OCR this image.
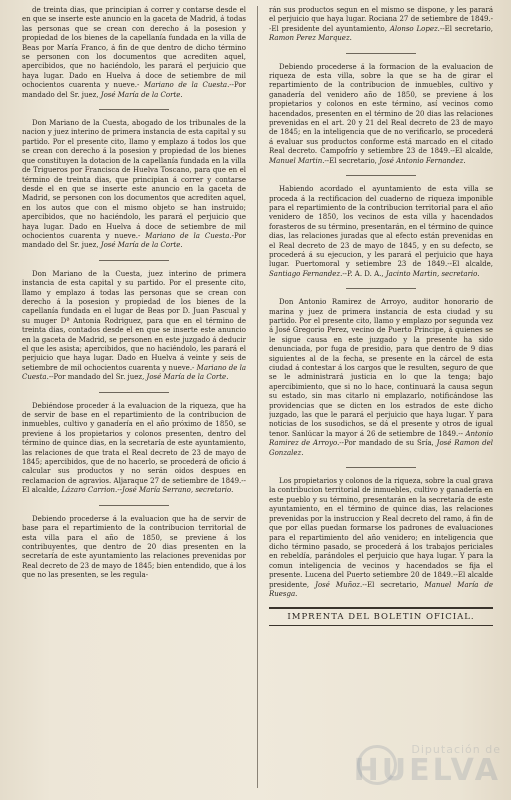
de treinta dias, que principian á correr y contarse desde el en que se inserte este anuncio en la gaceta de Madrid, á todas las personas que se crean con derecho á la posesion y propiedad de los bienes de la capellanía fundada en la villa de Beas por María Franco, á fin de que dentro de dicho término se personen con los documentos que acrediten aquel, apercibidos, que no haciéndolo, les parará el perjuicio que haya lugar. Dado en Huelva á doce de setiembre de mil ochocientos cuarenta y nueve.- Mariano de la Cuesta.--Por mandado del Sr. juez, José María de la Corte.

Don Mariano de la Cuesta, abogado de los tribunales de la nacion y juez interino de primera instancia de esta capital y su partido. Por el presente cito, llamo y emplazo á todos los que se crean con derecho á la posesion y propiedad de los bienes que constituyen la dotacion de la capellanía fundada en la villa de Trigueros por Francisca de Huelva Toscano, para que en el término de treinta dias, que principian á correr y contarse desde el en que se inserte este anuncio en la gaceta de Madrid, se personen con los documentos que acrediten aquel, en los autos que con el mismo objeto se han instruido; apercibidos, que no haciéndolo, les parará el perjuicio que haya lugar. Dado en Huelva á doce de setiembre de mil ochocientos cuarenta y nueve.- Mariano de la Cuesta.-Por mandado del Sr. juez, José María de la Corte.

Don Mariano de la Cuesta, juez interino de primera instancia de esta capital y su partido. Por el presente cito, llamo y emplazo á todas las personas que se crean con derecho á la posesion y propiedad de los bienes de la capellanía fundada en el lugar de Beas por D. Juan Pascual y su muger Dª Antonia Rodriguez, para que en el término de treinta dias, contados desde el en que se inserte este anuncio en la gaceta de Madrid, se personen en este juzgado á deducir el que les asista; apercibidos, que no haciéndolo, les parará el perjuicio que haya lugar. Dado en Huelva á veinte y seis de setiembre de mil ochocientos cuarenta y nueve.- Mariano de la Cuesta.--Por mandado del Sr. juez, José María de la Corte.

Debiéndose proceder á la evaluacion de la riqueza, que ha de servir de base en el repartimiento de la contribucion de inmuebles, cultivo y ganadería en el año próximo de 1850, se previene á los propietarios y colonos presenten, dentro del término de quince dias, en la secretaría de este ayuntamiento, las relaciones de que trata el Real decreto de 23 de mayo de 1845; apercibidos, que de no hacerlo, se procederá de oficio á calcular sus productos y no serán oidos despues en reclamacion de agravios. Aljaraque 27 de setiembre de 1849.--El alcalde, Lázaro Carrion.--José María Serrano, secretario.

Debiendo procederse á la evaluacion que ha de servir de base para el repartimiento de la contribucion territorial de esta villa para el año de 1850, se previene á los contribuyentes, que dentro de 20 dias presenten en la secretaría de este ayuntamiento las relaciones prevenidas por Real decreto de 23 de mayo de 1845; bien entendido, que á los que no las presenten, se les regula-

rán sus productos segun en el mismo se dispone, y les parará el perjuicio que haya lugar. Rociana 27 de setiembre de 1849.--El presidente del ayuntamiento, Alonso Lopez.--El secretario, Ramon Perez Marquez.

Debiendo procederse á la formacion de la evaluacion de riqueza de esta villa, sobre la que se ha de girar el repartimiento de la contribucion de inmuebles, cultivo y ganadería del venidero año de 1850, se previene á los propietarios y colonos en este término, así vecinos como hacendados, presenten en el término de 20 dias las relaciones prevenidas en el art. 20 y 21 del Real decreto de 23 de mayo de 1845; en la inteligencia que de no verificarlo, se procederá á evaluar sus productos conforme está marcado en el citado Real decreto. Campofrío y setiembre 23 de 1849.--El alcalde, Manuel Martin.--El secretario, José Antonio Fernandez.

Habiendo acordado el ayuntamiento de esta villa se proceda á la rectificacion del cuaderno de riqueza imponible para el repartimiento de la contribucion territorial para el año venidero de 1850, los vecinos de esta villa y hacendados forasteros de su término, presentarán, en el término de quince dias, las relaciones juradas que al efecto están prevenidas en el Real decreto de 23 de mayo de 1845, y en su defecto, se procederá á su ejecucion, y les parará el perjuicio que haya lugar. Puertomoral y setiembre 23 de 1849.--El alcalde, Santiago Fernandez.--P. A. D. A., Jacinto Martin, secretario.

Don Antonio Ramirez de Arroyo, auditor honorario de marina y juez de primera instancia de esta ciudad y su partido. Por el presente cito, llamo y emplazo por segunda vez á José Gregorio Perez, vecino de Puerto Principe, á quienes se le sigue causa en este juzgado y la presente ha sido denunciada, por fuga de presidio, para que dentro de 9 dias siguientes al de la fecha, se presente en la cárcel de esta ciudad á contestar á los cargos que le resulten, seguro de que se le administrará justicia en lo que la tenga; bajo apercibimiento, que si no lo hace, continuará la causa segun su estado, sin mas citarlo ni emplazarlo, notificándose las providencias que se dicten en los estrados de este dicho juzgado, las que le parará el perjuicio que haya lugar. Y para noticias de los susodichos, se dá el presente y otros de igual tenor. Sanlúcar la mayor á 26 de setiembre de 1849.-- Antonio Ramirez de Arroyo.--Por mandado de su Sría, José Ramon del Gonzalez.

Los propietarios y colonos de la riqueza, sobre la cual grava la contribucion territorial de inmuebles, cultivo y ganadería en este pueblo y su término, presentarán en la secretaría de este ayuntamiento, en el término de quince dias, las relaciones prevenidas por la instruccion y Real decreto del ramo, á fin de que por ellas puedan formarse los padrones de evaluaciones para el repartimiento del año venidero; en inteligencia que dicho término pasado, se procederá á los trabajos periciales en rebeldía, parándoles el perjuicio que haya lugar. Y para la comun inteligencia de vecinos y hacendados se fija el presente. Lucena del Puerto setiembre 20 de 1849.--El alcalde presidente, José Muñoz.--El secretario, Manuel María de Ruesga.

IMPRENTA DEL BOLETIN OFICIAL.
Diputación de
HUELVA
